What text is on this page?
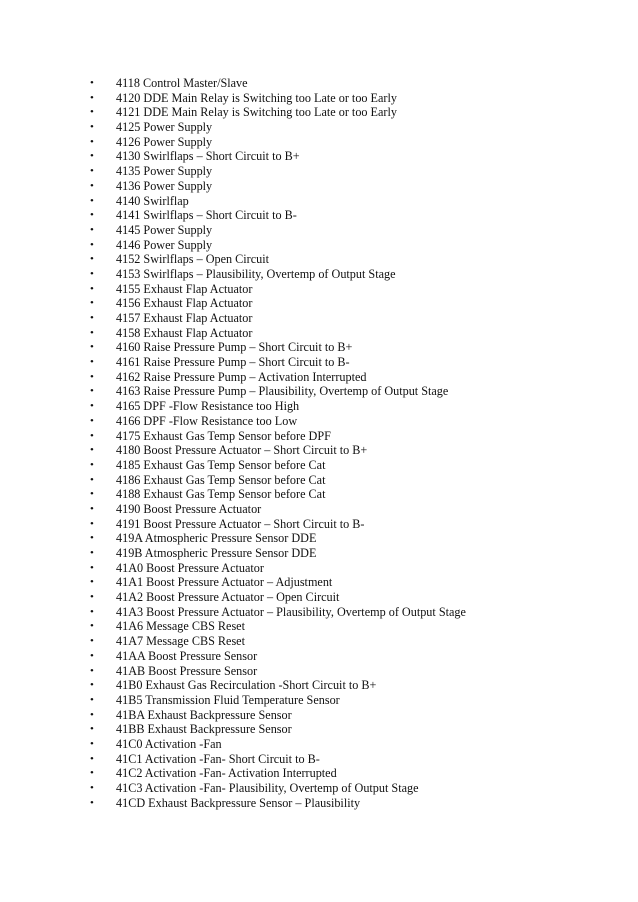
• 4118 Control Master/Slave
• 4120 DDE Main Relay is Switching too Late or too Early
• 4121 DDE Main Relay is Switching too Late or too Early
• 4125 Power Supply
• 4126 Power Supply
• 4130 Swirlflaps – Short Circuit to B+
• 4135 Power Supply
• 4136 Power Supply
• 4140 Swirlflap
• 4141 Swirlflaps – Short Circuit to B-
• 4145 Power Supply
• 4146 Power Supply
• 4152 Swirlflaps – Open Circuit
• 4153 Swirlflaps – Plausibility, Overtemp of Output Stage
• 4155 Exhaust Flap Actuator
• 4156 Exhaust Flap Actuator
• 4157 Exhaust Flap Actuator
• 4158 Exhaust Flap Actuator
• 4160 Raise Pressure Pump – Short Circuit to B+
• 4161 Raise Pressure Pump – Short Circuit to B-
• 4162 Raise Pressure Pump – Activation Interrupted
• 4163 Raise Pressure Pump – Plausibility, Overtemp of Output Stage
• 4165 DPF -Flow Resistance too High
• 4166 DPF -Flow Resistance too Low
• 4175 Exhaust Gas Temp Sensor before DPF
• 4180 Boost Pressure Actuator – Short Circuit to B+
• 4185 Exhaust Gas Temp Sensor before Cat
• 4186 Exhaust Gas Temp Sensor before Cat
• 4188 Exhaust Gas Temp Sensor before Cat
• 4190 Boost Pressure Actuator
• 4191 Boost Pressure Actuator – Short Circuit to B-
• 419A Atmospheric Pressure Sensor DDE
• 419B Atmospheric Pressure Sensor DDE
• 41A0 Boost Pressure Actuator
• 41A1 Boost Pressure Actuator – Adjustment
• 41A2 Boost Pressure Actuator – Open Circuit
• 41A3 Boost Pressure Actuator – Plausibility, Overtemp of Output Stage
• 41A6 Message CBS Reset
• 41A7 Message CBS Reset
• 41AA Boost Pressure Sensor
• 41AB Boost Pressure Sensor
• 41B0 Exhaust Gas Recirculation -Short Circuit to B+
• 41B5 Transmission Fluid Temperature Sensor
• 41BA Exhaust Backpressure Sensor
• 41BB Exhaust Backpressure Sensor
• 41C0 Activation -Fan
• 41C1 Activation -Fan- Short Circuit to B-
• 41C2 Activation -Fan- Activation Interrupted
• 41C3 Activation -Fan- Plausibility, Overtemp of Output Stage
• 41CD Exhaust Backpressure Sensor – Plausibility
